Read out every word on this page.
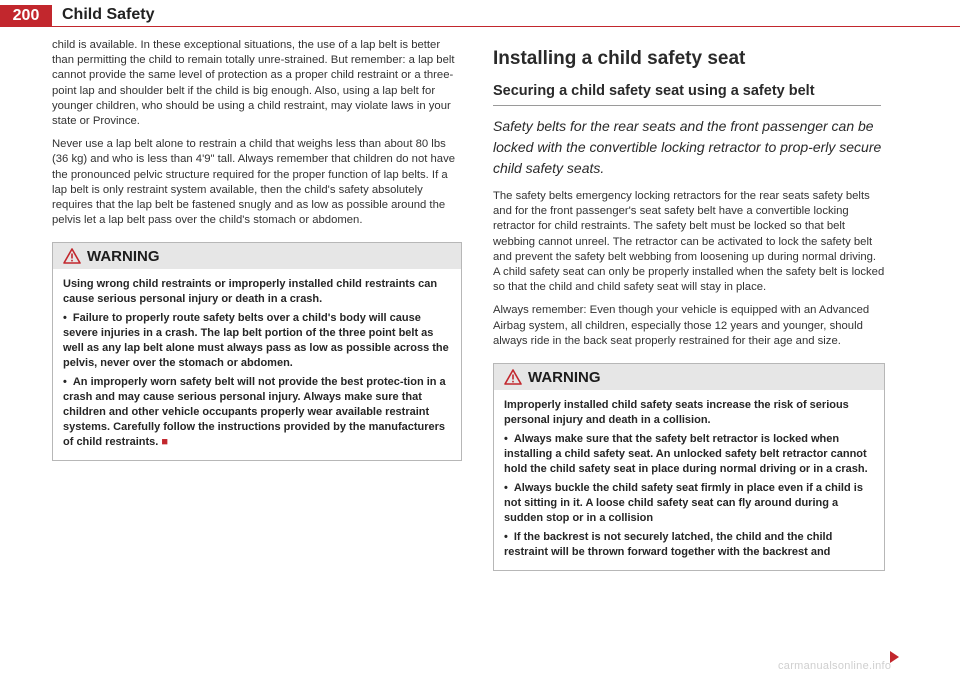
200 Child Safety

child is available. In these exceptional situations, the use of a lap belt is better than permitting the child to remain totally unre-strained. But remember: a lap belt cannot provide the same level of protection as a proper child restraint or a three-point lap and shoulder belt if the child is big enough. Also, using a lap belt for younger children, who should be using a child restraint, may violate laws in your state or Province.

Never use a lap belt alone to restrain a child that weighs less than about 80 lbs (36 kg) and who is less than 4'9" tall. Always remember that children do not have the pronounced pelvic structure required for the proper function of lap belts. If a lap belt is only restraint system available, then the child's safety absolutely requires that the lap belt be fastened snugly and as low as possible around the pelvis let a lap belt pass over the child's stomach or abdomen.

WARNING

Using wrong child restraints or improperly installed child restraints can cause serious personal injury or death in a crash.

• Failure to properly route safety belts over a child's body will cause severe injuries in a crash. The lap belt portion of the three point belt as well as any lap belt alone must always pass as low as possible across the pelvis, never over the stomach or abdomen.

• An improperly worn safety belt will not provide the best protec-tion in a crash and may cause serious personal injury. Always make sure that children and other vehicle occupants properly wear available restraint systems. Carefully follow the instructions provided by the manufacturers of child restraints. ■

Installing a child safety seat
Securing a child safety seat using a safety belt

Safety belts for the rear seats and the front passenger can be locked with the convertible locking retractor to prop-erly secure child safety seats.

The safety belts emergency locking retractors for the rear seats safety belts and for the front passenger's seat safety belt have a convertible locking retractor for child restraints. The safety belt must be locked so that belt webbing cannot unreel. The retractor can be activated to lock the safety belt and prevent the safety belt webbing from loosening up during normal driving. A child safety seat can only be properly installed when the safety belt is locked so that the child and child safety seat will stay in place.

Always remember: Even though your vehicle is equipped with an Advanced Airbag system, all children, especially those 12 years and younger, should always ride in the back seat properly restrained for their age and size.

WARNING

Improperly installed child safety seats increase the risk of serious personal injury and death in a collision.

• Always make sure that the safety belt retractor is locked when installing a child safety seat. An unlocked safety belt retractor cannot hold the child safety seat in place during normal driving or in a crash.

• Always buckle the child safety seat firmly in place even if a child is not sitting in it. A loose child safety seat can fly around during a sudden stop or in a collision

• If the backrest is not securely latched, the child and the child restraint will be thrown forward together with the backrest and

carmanualsonline.info
